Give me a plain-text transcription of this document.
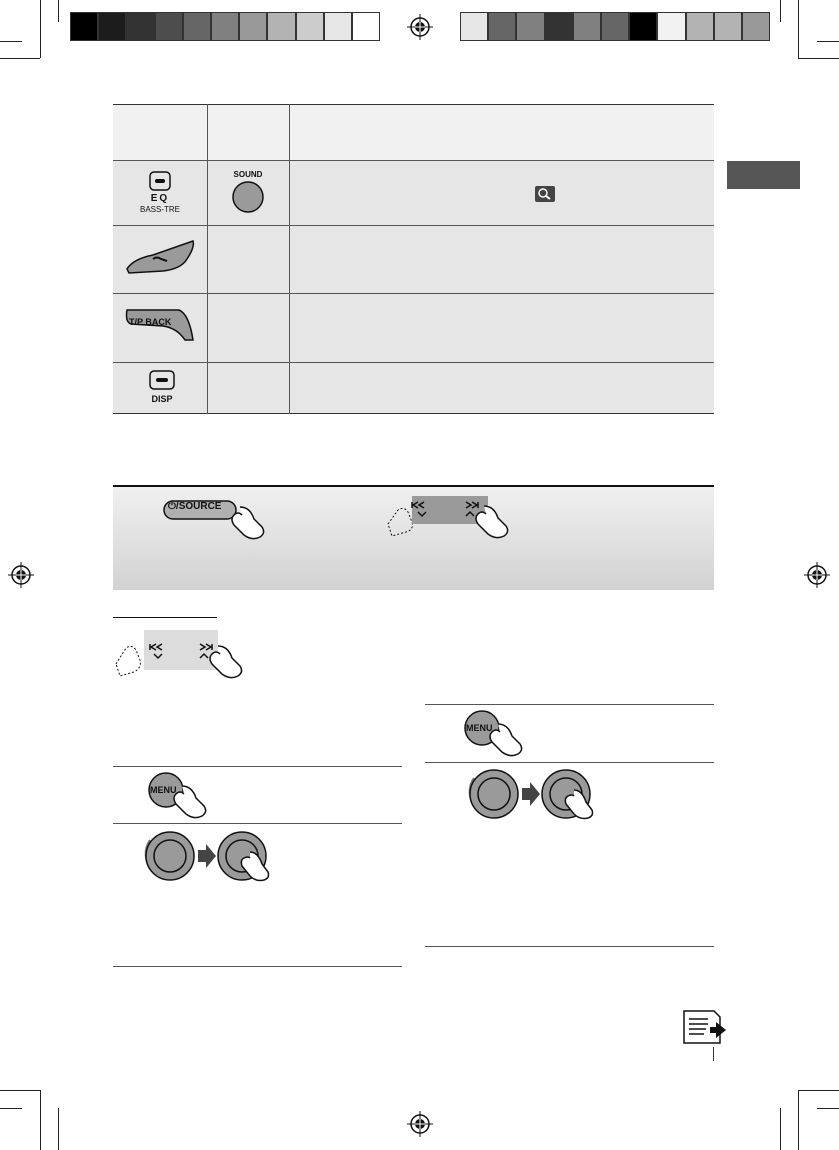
EQ
BASS-TRE
SOUND
T/P BACK
DISP
⏻/SOURCE
MENU
MENU
